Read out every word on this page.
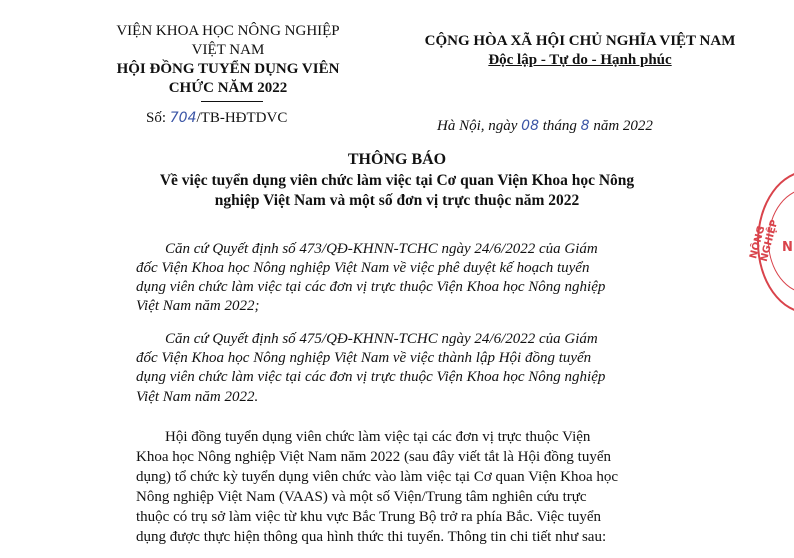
VIỆN KHOA HỌC NÔNG NGHIỆP
VIỆT NAM
HỘI ĐỒNG TUYỂN DỤNG VIÊN
CHỨC NĂM 2022
Số: 704/TB-HĐTDVC
CỘNG HÒA XÃ HỘI CHỦ NGHĨA VIỆT NAM
Độc lập - Tự do - Hạnh phúc
Hà Nội, ngày 08 tháng 8 năm 2022
THÔNG BÁO
Về việc tuyển dụng viên chức làm việc tại Cơ quan Viện Khoa học Nông
nghiệp Việt Nam và một số đơn vị trực thuộc năm 2022
Căn cứ Quyết định số 473/QĐ-KHNN-TCHC ngày 24/6/2022 của Giám
đốc Viện Khoa học Nông nghiệp Việt Nam về việc phê duyệt kế hoạch tuyển
dụng viên chức làm việc tại các đơn vị trực thuộc Viện Khoa học Nông nghiệp
Việt Nam năm 2022;
Căn cứ Quyết định số 475/QĐ-KHNN-TCHC ngày 24/6/2022 của Giám
đốc Viện Khoa học Nông nghiệp Việt Nam về việc thành lập Hội đồng tuyển
dụng viên chức làm việc tại các đơn vị trực thuộc Viện Khoa học Nông nghiệp
Việt Nam năm 2022.
Hội đồng tuyển dụng viên chức làm việc tại các đơn vị trực thuộc Viện
Khoa học Nông nghiệp Việt Nam năm 2022 (sau đây viết tắt là Hội đồng tuyển
dụng) tổ chức kỳ tuyển dụng viên chức vào làm việc tại Cơ quan Viện Khoa học
Nông nghiệp Việt Nam (VAAS) và một số Viện/Trung tâm nghiên cứu trực
thuộc có trụ sở làm việc từ khu vực Bắc Trung Bộ trở ra phía Bắc. Việc tuyển
dụng được thực hiện thông qua hình thức thi tuyển. Thông tin chi tiết như sau:
NÔNG NGHIỆP N
